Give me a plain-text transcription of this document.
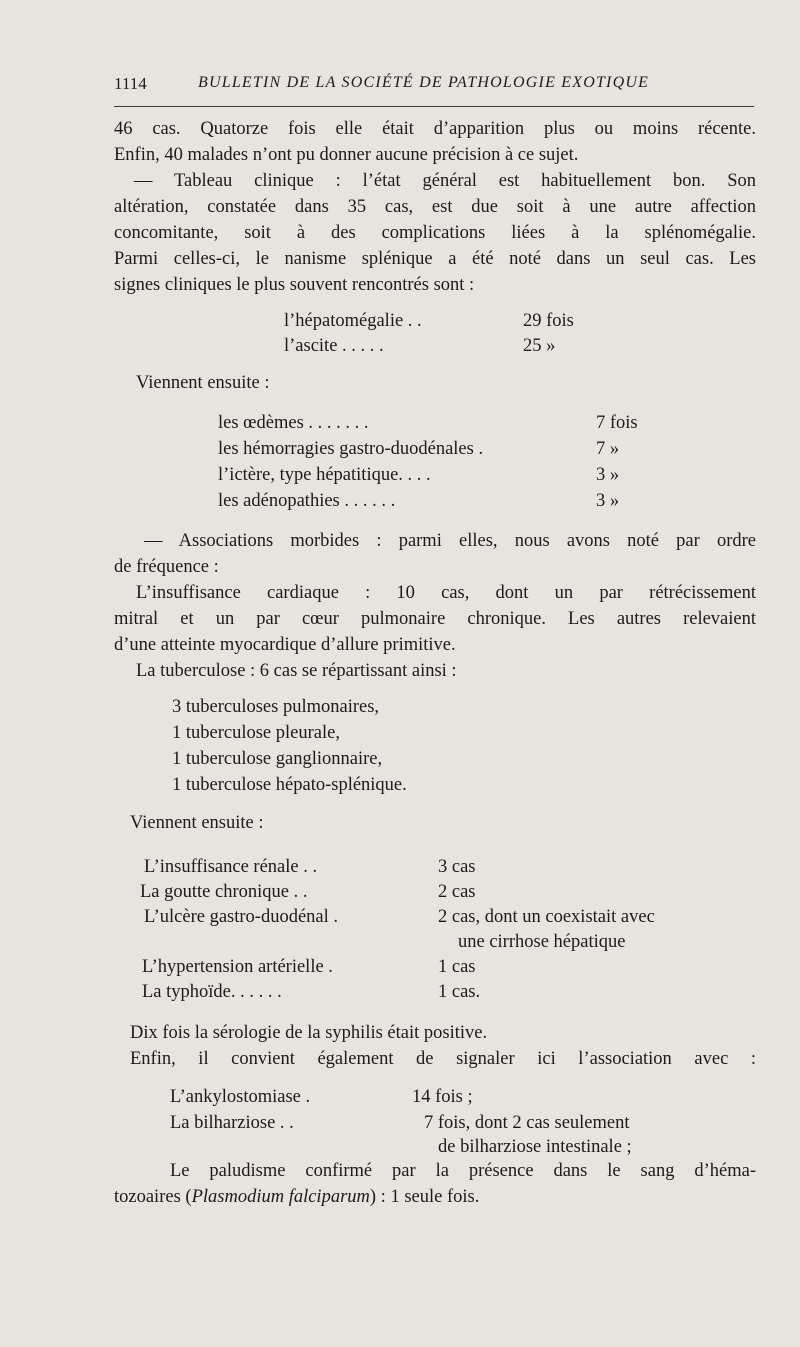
1114	BULLETIN DE LA SOCIÉTÉ DE PATHOLOGIE EXOTIQUE
46 cas. Quatorze fois elle était d’apparition plus ou moins récente.
Enfin, 40 malades n’ont pu donner aucune précision à ce sujet.
— Tableau clinique : l’état général est habituellement bon. Son
altération, constatée dans 35 cas, est due soit à une autre affection
concomitante, soit à des complications liées à la splénomégalie.
Parmi celles-ci, le nanisme splénique a été noté dans un seul cas. Les
signes cliniques le plus souvent rencontrés sont :
l’hépatomégalie . .	29 fois
l’ascite . . . . .	25 »
Viennent ensuite :
les œdèmes . . . . . . .	7 fois
les hémorragies gastro-duodénales .	7 »
l’ictère, type hépatitique. . . .	3 »
les adénopathies . . . . . .	3 »
— Associations morbides : parmi elles, nous avons noté par ordre
de fréquence :
L’insuffisance cardiaque : 10 cas, dont un par rétrécissement
mitral et un par cœur pulmonaire chronique. Les autres relevaient
d’une atteinte myocardique d’allure primitive.
La tuberculose : 6 cas se répartissant ainsi :
3 tuberculoses pulmonaires,
1 tuberculose pleurale,
1 tuberculose ganglionnaire,
1 tuberculose hépato-splénique.
Viennent ensuite :
L’insuffisance rénale . .	3 cas
La goutte chronique . .	2 cas
L’ulcère gastro-duodénal .	2 cas, dont un coexistait avec
une cirrhose hépatique
L’hypertension artérielle .	1 cas
La typhoïde. . . . . .	1 cas.
Dix fois la sérologie de la syphilis était positive.
Enfin, il convient également de signaler ici l’association avec :
L’ankylostomiase .	14 fois ;
La bilharziose . .	7 fois, dont 2 cas seulement
de bilharziose intestinale ;
Le paludisme confirmé par la présence dans le sang d’héma-
tozoaires (Plasmodium falciparum) : 1 seule fois.
